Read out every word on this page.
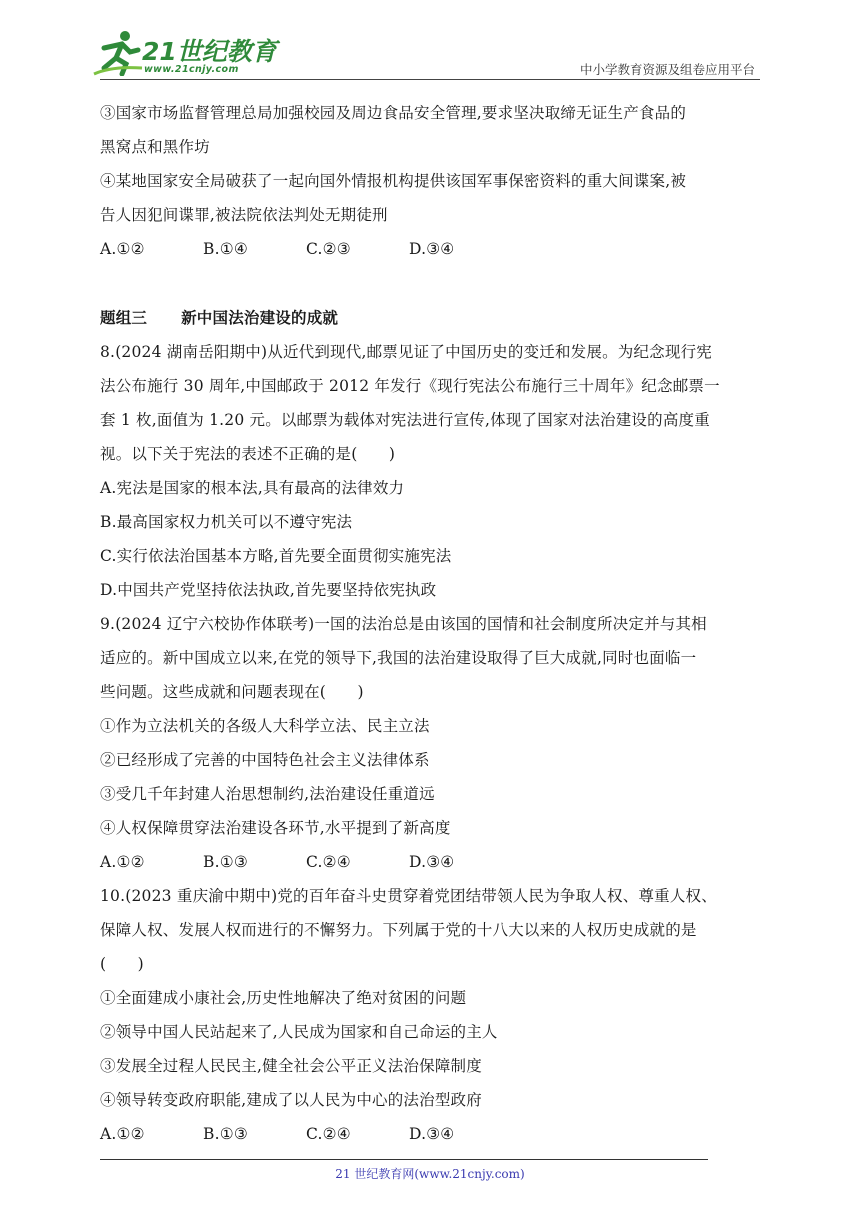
21世纪教育
www.21cnjy.com	中小学教育资源及组卷应用平台
③国家市场监督管理总局加强校园及周边食品安全管理,要求坚决取缔无证生产食品的
黑窝点和黑作坊
④某地国家安全局破获了一起向国外情报机构提供该国军事保密资料的重大间谍案,被
告人因犯间谍罪,被法院依法判处无期徒刑
A.①②	B.①④	C.②③	D.③④
题组三 新中国法治建设的成就
8.(2024 湖南岳阳期中)从近代到现代,邮票见证了中国历史的变迁和发展。为纪念现行宪
法公布施行 30 周年,中国邮政于 2012 年发行《现行宪法公布施行三十周年》纪念邮票一
套 1 枚,面值为 1.20 元。以邮票为载体对宪法进行宣传,体现了国家对法治建设的高度重
视。以下关于宪法的表述不正确的是(　　)
A.宪法是国家的根本法,具有最高的法律效力
B.最高国家权力机关可以不遵守宪法
C.实行依法治国基本方略,首先要全面贯彻实施宪法
D.中国共产党坚持依法执政,首先要坚持依宪执政
9.(2024 辽宁六校协作体联考)一国的法治总是由该国的国情和社会制度所决定并与其相
适应的。新中国成立以来,在党的领导下,我国的法治建设取得了巨大成就,同时也面临一
些问题。这些成就和问题表现在(　　)
①作为立法机关的各级人大科学立法、民主立法
②已经形成了完善的中国特色社会主义法律体系
③受几千年封建人治思想制约,法治建设任重道远
④人权保障贯穿法治建设各环节,水平提到了新高度
A.①②	B.①③	C.②④	D.③④
10.(2023 重庆渝中期中)党的百年奋斗史贯穿着党团结带领人民为争取人权、尊重人权、
保障人权、发展人权而进行的不懈努力。下列属于党的十八大以来的人权历史成就的是
(　　)
①全面建成小康社会,历史性地解决了绝对贫困的问题
②领导中国人民站起来了,人民成为国家和自己命运的主人
③发展全过程人民民主,健全社会公平正义法治保障制度
④领导转变政府职能,建成了以人民为中心的法治型政府
A.①②	B.①③	C.②④	D.③④
21 世纪教育网(www.21cnjy.com)
